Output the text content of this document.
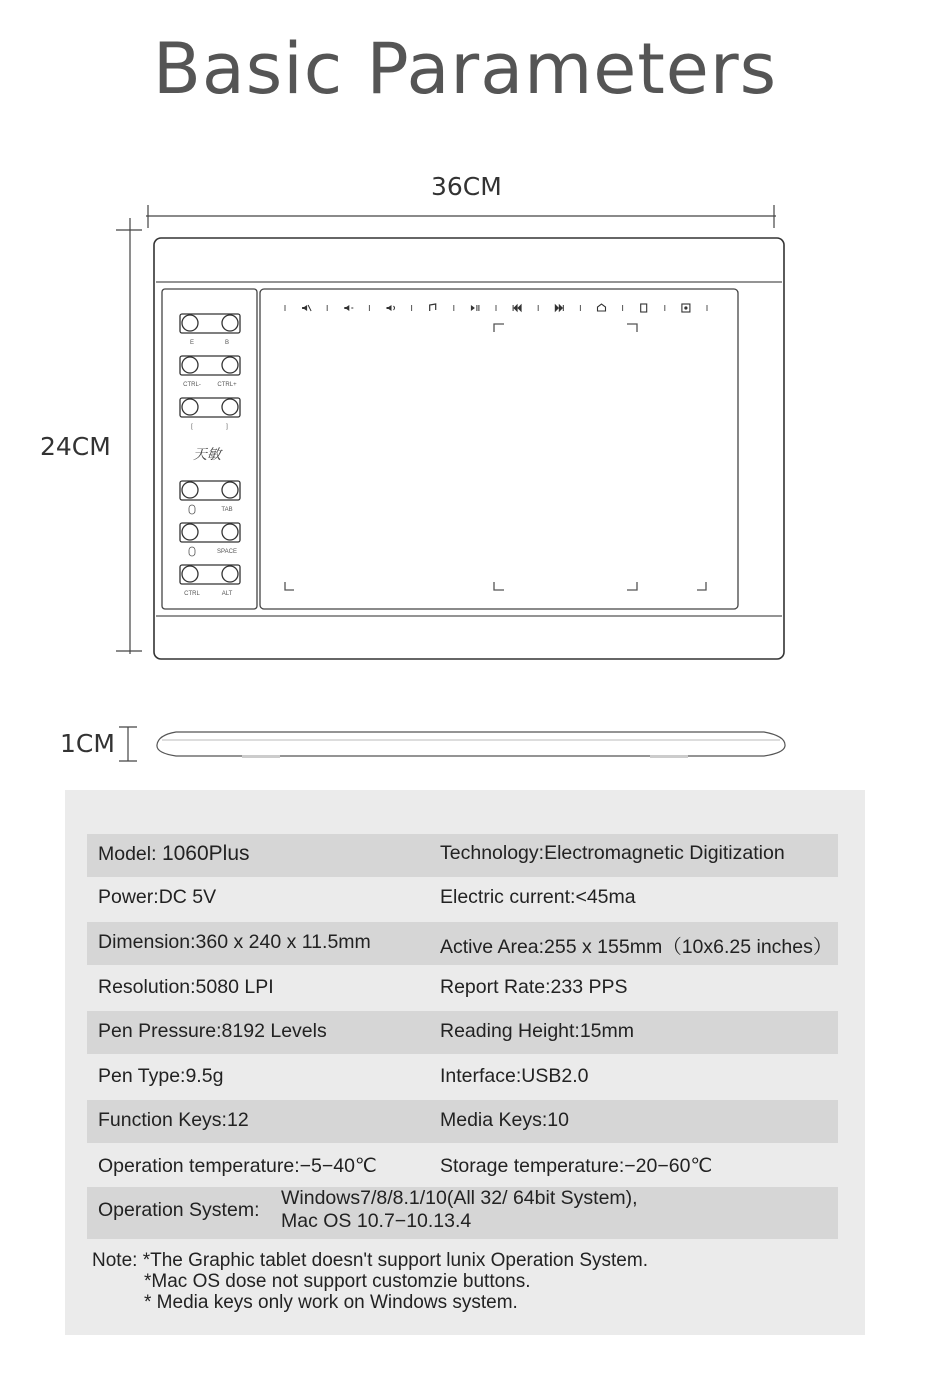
Basic Parameters
E	B
CTRL-	CTRL+
[	]
TAB
SPACE
CTRL	ALT
天敏
36CM
24CM
1CM
Model: 1060Plus	Technology:Electromagnetic Digitization
Power:DC 5V	Electric current:<45ma
Dimension:360 x 240 x 11.5mm	Active Area:255 x 155mm（10x6.25 inches）
Resolution:5080 LPI	Report Rate:233 PPS
Pen Pressure:8192 Levels	Reading Height:15mm
Pen Type:9.5g	Interface:USB2.0
Function Keys:12	Media Keys:10
Operation temperature:−5−40℃	Storage temperature:−20−60℃
Operation System:
Windows7/8/8.1/10(All 32/ 64bit System),
Mac OS 10.7−10.13.4
Note: *The Graphic tablet doesn't support lunix Operation System.
*Mac OS dose not support customzie buttons.
* Media keys only work on Windows system.
